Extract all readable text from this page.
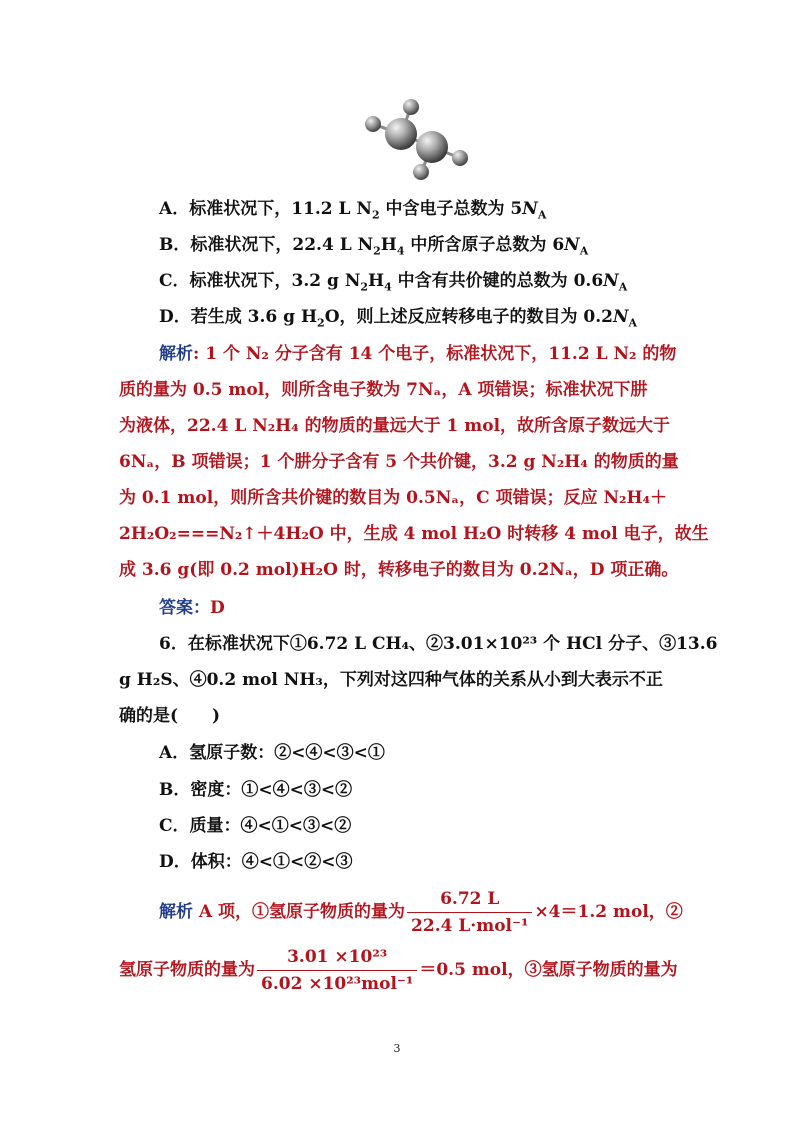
A．标准状况下，11.2 L $N_2$ 中含电子总数为 $5N_A$
B．标准状况下，22.4 L $N_2H_4$ 中所含原子总数为 $6N_A$
C．标准状况下，3.2 g $N_2H_4$ 中含有共价键的总数为 $0.6N_A$
D．若生成 3.6 g $H_2O$，则上述反应转移电子的数目为 $0.2N_A$
解析: 1 个 N₂ 分子含有 14 个电子，标准状况下，11.2 L N₂ 的物
质的量为 0.5 mol，则所含电子数为 7Nₐ，A 项错误；标准状况下肼
为液体，22.4 L N₂H₄ 的物质的量远大于 1 mol，故所含原子数远大于
6Nₐ，B 项错误；1 个肼分子含有 5 个共价键，3.2 g N₂H₄ 的物质的量
为 0.1 mol，则所含共价键的数目为 0.5Nₐ，C 项错误；反应 N₂H₄＋
2H₂O₂===N₂↑＋4H₂O 中，生成 4 mol H₂O 时转移 4 mol 电子，故生
成 3.6 g(即 0.2 mol)H₂O 时，转移电子的数目为 0.2Nₐ，D 项正确。
答案：D
6．在标准状况下①6.72 L CH₄、②3.01×10²³ 个 HCl 分子、③13.6
g H₂S、④0.2 mol NH₃，下列对这四种气体的关系从小到大表示不正
确的是(　　)
A．氢原子数：②<④<③<①
B．密度：①<④<③<②
C．质量：④<①<③<②
D．体积：④<①<②<③
解析 A 项，①氢原子物质的量为 $\frac{6.72 L}{\text{22.4 L·mol⁻¹}} \times 4=1.2$ mol，②
氢原子物质的量为 $\frac{\text{3.01 ×10²³}}{\text{6.02 ×10²³mol⁻¹}} =0.5$ mol，③氢原子物质的量为
3
